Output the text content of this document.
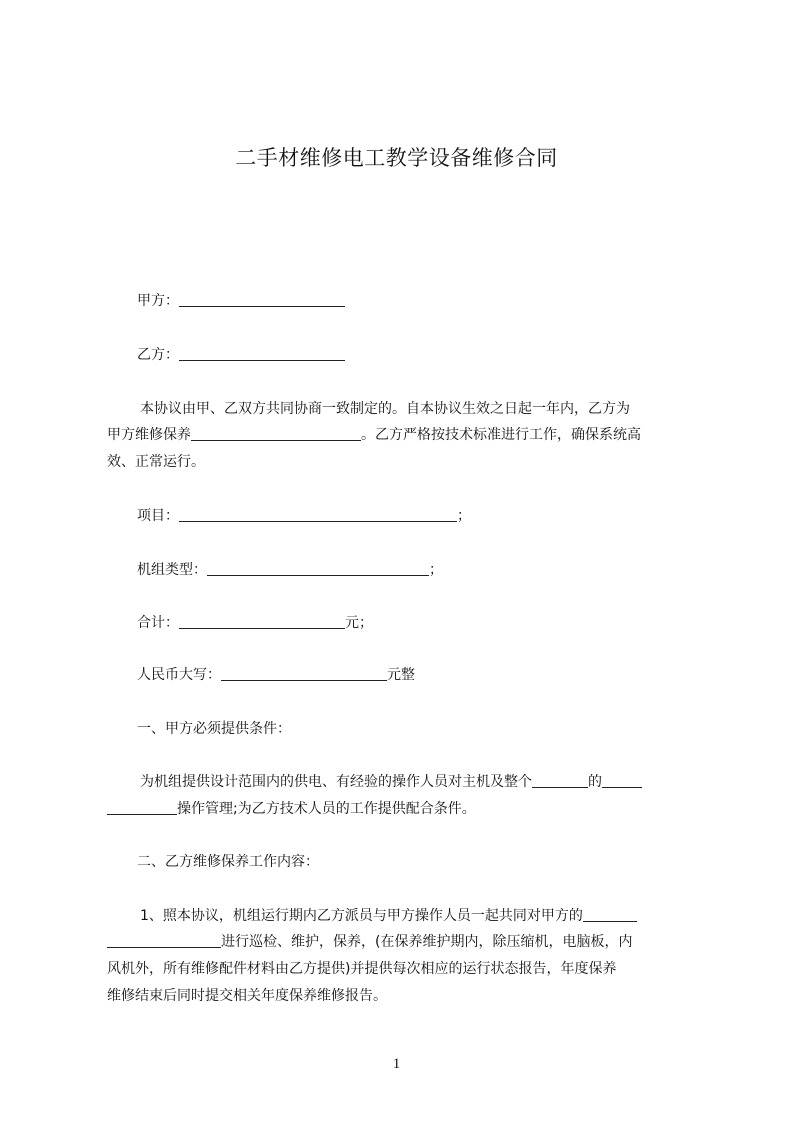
二手材维修电工教学设备维修合同
甲方：
乙方：
本协议由甲、乙双方共同协商一致制定的。自本协议生效之日起一年内，乙方为
甲方维修保养	。乙方严格按技术标准进行工作，确保系统高
效、正常运行。
项目：	；
机组类型：	；
合计：	元；
人民币大写：	元整
一、甲方必须提供条件：
为机组提供设计范围内的供电、有经验的操作人员对主机及整个	的
操作管理;为乙方技术人员的工作提供配合条件。
二、乙方维修保养工作内容：
1、照本协议，机组运行期内乙方派员与甲方操作人员一起共同对甲方的
进行巡检、维护，保养，(在保养维护期内，除压缩机，电脑板，内
风机外，所有维修配件材料由乙方提供)并提供每次相应的运行状态报告，年度保养
维修结束后同时提交相关年度保养维修报告。
1
